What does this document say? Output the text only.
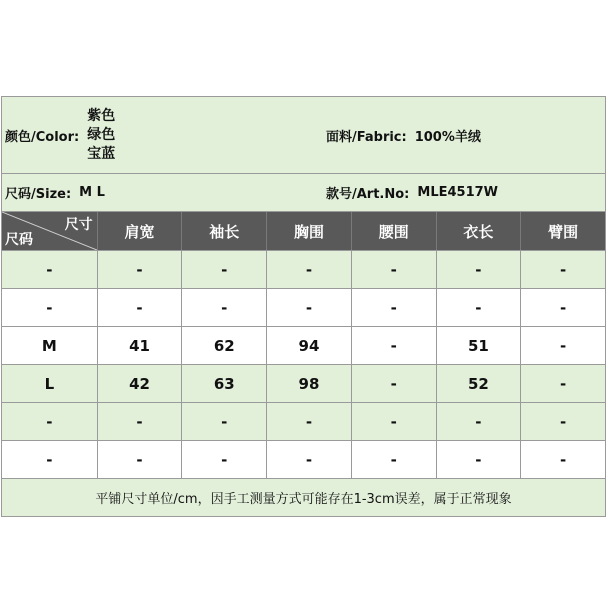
颜色/Color:
紫色
绿色
宝蓝
面料/Fabric: 100%羊绒
尺码/Size: M L	款号/Art.No: MLE4517W
尺寸
尺码	肩宽	袖长	胸围	腰围	衣长	臂围
-	-	-	-	-	-	-
-	-	-	-	-	-	-
M	41	62	94	-	51	-
L	42	63	98	-	52	-
-	-	-	-	-	-	-
-	-	-	-	-	-	-
平铺尺寸单位/cm，因手工测量方式可能存在1-3cm误差，属于正常现象
